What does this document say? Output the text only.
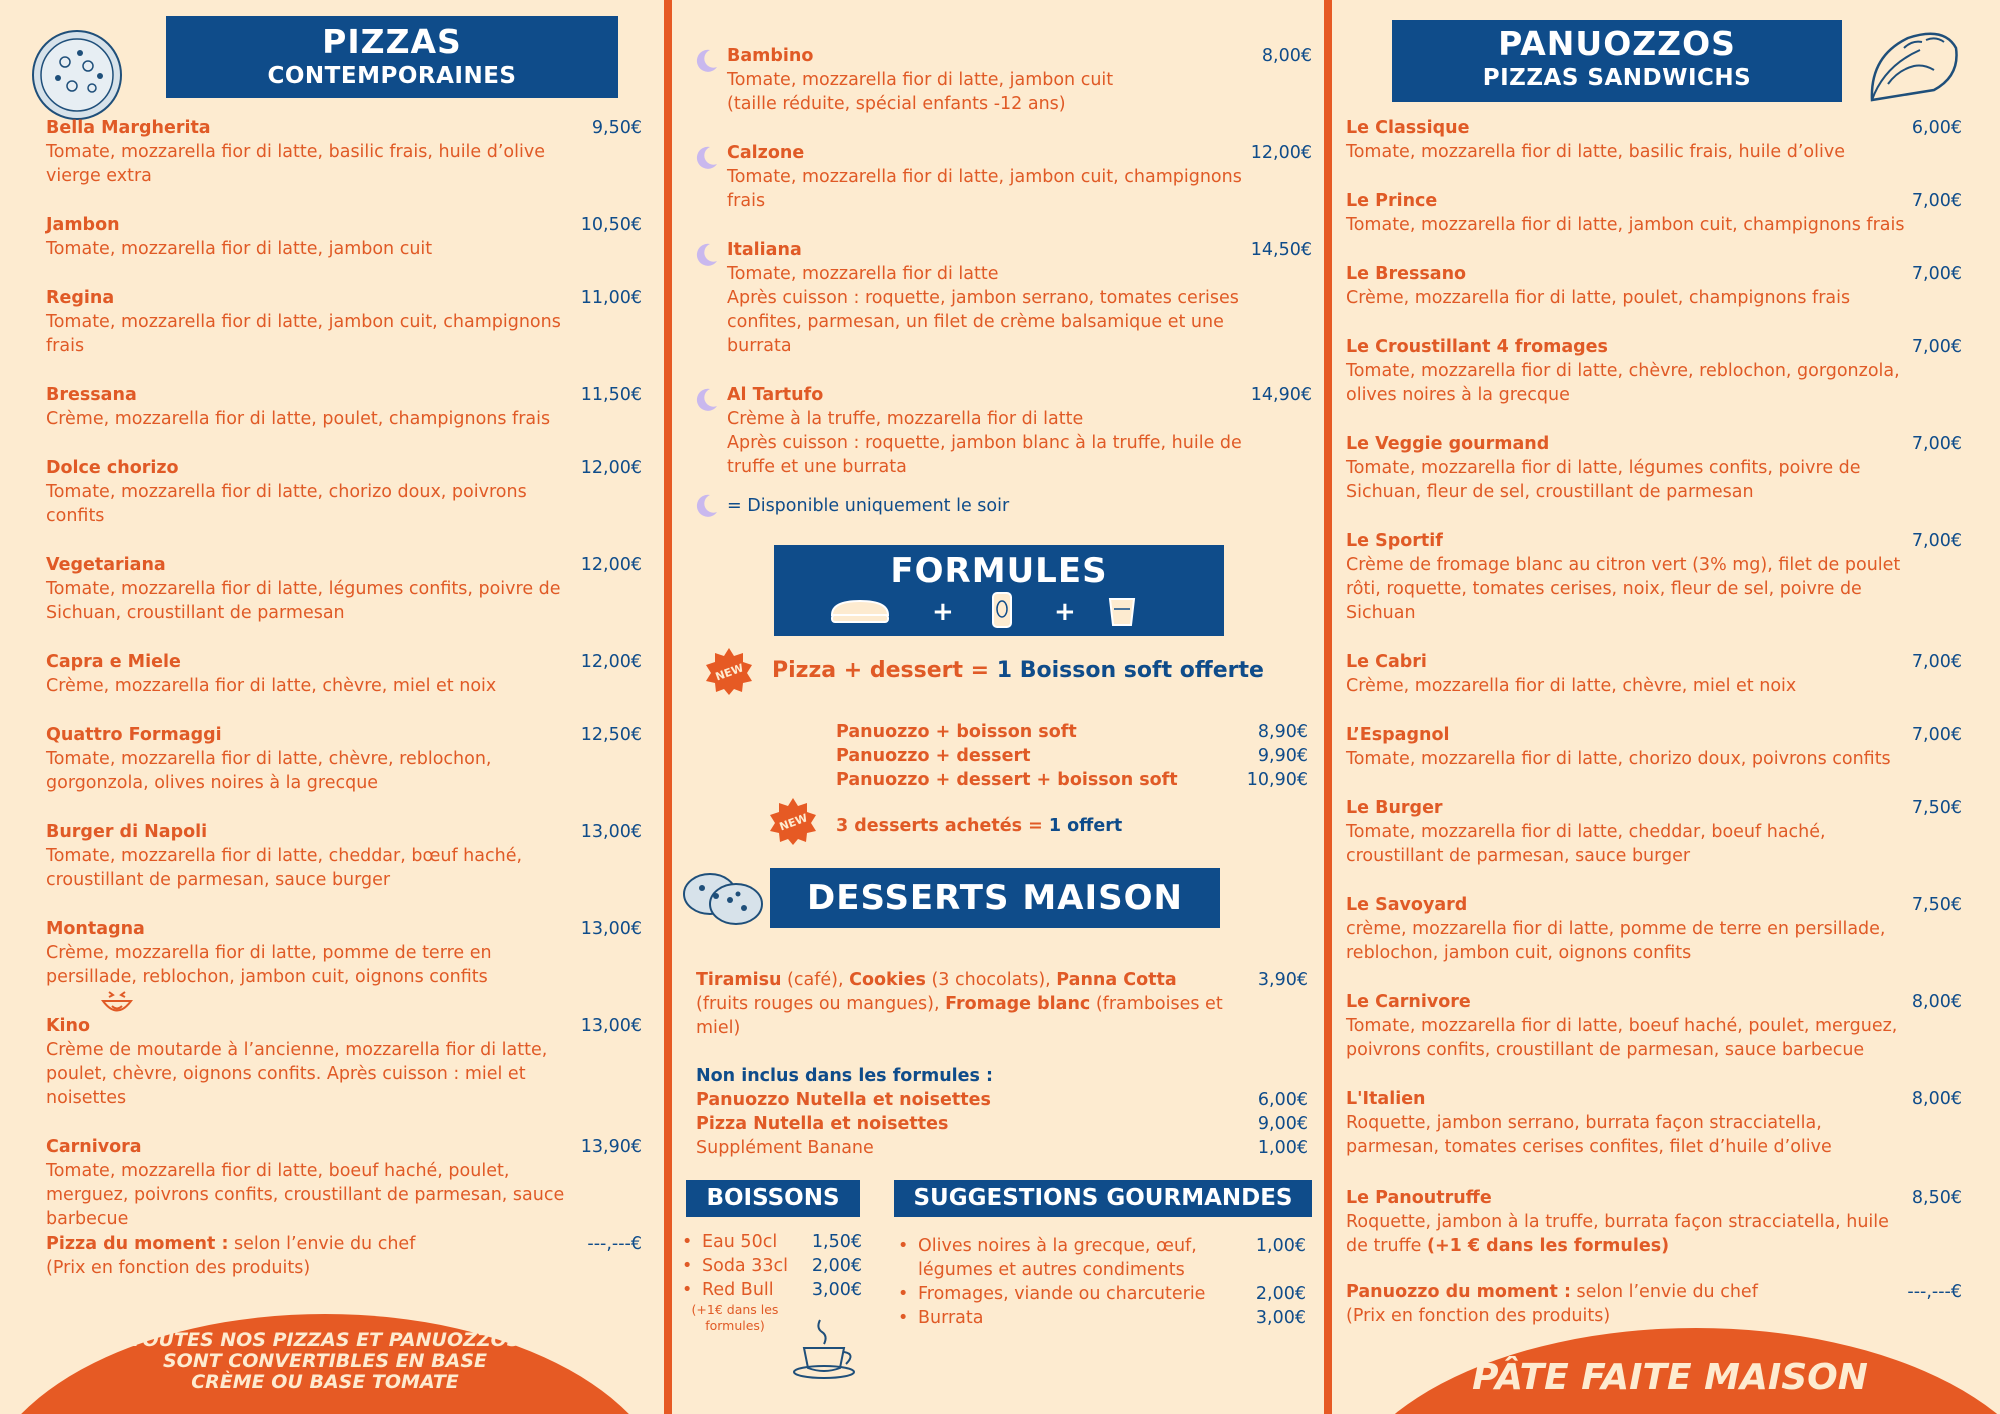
PIZZAS
CONTEMPORAINES
Bella Margherita
Tomate, mozzarella fior di latte, basilic frais, huile d’olive vierge extra
9,50€
Jambon
Tomate, mozzarella fior di latte, jambon cuit
10,50€
Regina
Tomate, mozzarella fior di latte, jambon cuit, champignons frais
11,00€
Bressana
Crème, mozzarella fior di latte, poulet, champignons frais
11,50€
Dolce chorizo
Tomate, mozzarella fior di latte, chorizo doux, poivrons confits
12,00€
Vegetariana
Tomate, mozzarella fior di latte, légumes confits, poivre de Sichuan, croustillant de parmesan
12,00€
Capra e Miele
Crème, mozzarella fior di latte, chèvre, miel et noix
12,00€
Quattro Formaggi
Tomate, mozzarella fior di latte, chèvre, reblochon, gorgonzola, olives noires à la grecque
12,50€
Burger di Napoli
Tomate, mozzarella fior di latte, cheddar, bœuf haché, croustillant de parmesan, sauce burger
13,00€
Montagna
Crème, mozzarella fior di latte, pomme de terre en persillade, reblochon, jambon cuit, oignons confits
13,00€
Kino
Crème de moutarde à l’ancienne, mozzarella fior di latte, poulet, chèvre, oignons confits. Après cuisson : miel et noisettes
13,00€
Carnivora
Tomate, mozzarella fior di latte, boeuf haché, poulet, merguez, poivrons confits, croustillant de parmesan, sauce barbecue
13,90€
Pizza du moment : selon l’envie du chef	---,---€

(Prix en fonction des produits)
TOUTES NOS PIZZAS ET PANUOZZOS
SONT CONVERTIBLES EN BASE
CRÈME OU BASE TOMATE
Bambino
Tomate, mozzarella fior di latte, jambon cuit
(taille réduite, spécial enfants -12 ans)
8,00€
Calzone
Tomate, mozzarella fior di latte, jambon cuit, champignons frais
12,00€
Italiana
Tomate, mozzarella fior di latte
Après cuisson : roquette, jambon serrano, tomates cerises confites, parmesan, un filet de crème balsamique et une burrata
14,50€
Al Tartufo
Crème à la truffe, mozzarella fior di latte
Après cuisson : roquette, jambon blanc à la truffe, huile de truffe et une burrata
14,90€
= Disponible uniquement le soir
FORMULES
+	+
NEW Pizza + dessert = 1 Boisson soft offerte
Panuozzo + boisson soft	8,90€
Panuozzo + dessert	9,90€
Panuozzo + dessert + boisson soft	10,90€
NEW 3 desserts achetés = 1 offert
DESSERTS MAISON
Tiramisu (café), Cookies (3 chocolats), Panna Cotta (fruits rouges ou mangues), Fromage blanc (framboises et miel)
3,90€
Non inclus dans les formules :
Panuozzo Nutella et noisettes	6,00€
Pizza Nutella et noisettes	9,00€
Supplément Banane	1,00€
BOISSONS
• Eau 50cl 1,50€
• Soda 33cl 2,00€
• Red Bull 3,00€
(+1€ dans les formules)
SUGGESTIONS GOURMANDES
• Olives noires à la grecque, œuf, légumes et autres condiments
1,00€
• Fromages, viande ou charcuterie	2,00€
• Burrata	3,00€
PANUOZZOS
PIZZAS SANDWICHS
Le Classique
Tomate, mozzarella fior di latte, basilic frais, huile d’olive
6,00€
Le Prince
Tomate, mozzarella fior di latte, jambon cuit, champignons frais
7,00€
Le Bressano
Crème, mozzarella fior di latte, poulet, champignons frais
7,00€
Le Croustillant 4 fromages
Tomate, mozzarella fior di latte, chèvre, reblochon, gorgonzola, olives noires à la grecque
7,00€
Le Veggie gourmand
Tomate, mozzarella fior di latte, légumes confits, poivre de Sichuan, fleur de sel, croustillant de parmesan
7,00€
Le Sportif
Crème de fromage blanc au citron vert (3% mg), filet de poulet rôti, roquette, tomates cerises, noix, fleur de sel, poivre de Sichuan
7,00€
Le Cabri
Crème, mozzarella fior di latte, chèvre, miel et noix
7,00€
L’Espagnol
Tomate, mozzarella fior di latte, chorizo doux, poivrons confits
7,00€
Le Burger
Tomate, mozzarella fior di latte, cheddar, boeuf haché, croustillant de parmesan, sauce burger
7,50€
Le Savoyard
crème, mozzarella fior di latte, pomme de terre en persillade, reblochon, jambon cuit, oignons confits
7,50€
Le Carnivore
Tomate, mozzarella fior di latte, boeuf haché, poulet, merguez, poivrons confits, croustillant de parmesan, sauce barbecue
8,00€
L'Italien
Roquette, jambon serrano, burrata façon stracciatella, parmesan, tomates cerises confites, filet d’huile d’olive
8,00€
Le Panoutruffe	8,50€
Roquette, jambon à la truffe, burrata façon stracciatella, huile de truffe (+1 € dans les formules)
Panuozzo du moment : selon l’envie du chef	---,---€

(Prix en fonction des produits)
PÂTE FAITE MAISON
